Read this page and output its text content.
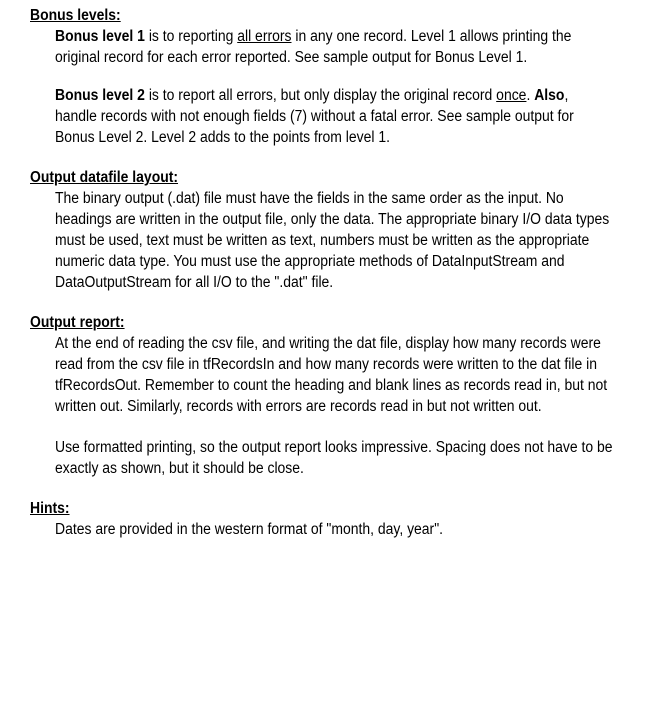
Bonus levels:

Bonus level 1 is to reporting all errors in any one record. Level 1 allows printing the original record for each error reported. See sample output for Bonus Level 1.

Bonus level 2 is to report all errors, but only display the original record once. Also, handle records with not enough fields (7) without a fatal error. See sample output for Bonus Level 2. Level 2 adds to the points from level 1.

Output datafile layout:

The binary output (.dat) file must have the fields in the same order as the input. No headings are written in the output file, only the data. The appropriate binary I/O data types must be used, text must be written as text, numbers must be written as the appropriate numeric data type. You must use the appropriate methods of DataInputStream and DataOutputStream for all I/O to the ".dat" file.

Output report:

At the end of reading the csv file, and writing the dat file, display how many records were read from the csv file in tfRecordsIn and how many records were written to the dat file in tfRecordsOut. Remember to count the heading and blank lines as records read in, but not written out. Similarly, records with errors are records read in but not written out.

Use formatted printing, so the output report looks impressive. Spacing does not have to be exactly as shown, but it should be close.

Hints:

Dates are provided in the western format of "month, day, year".
